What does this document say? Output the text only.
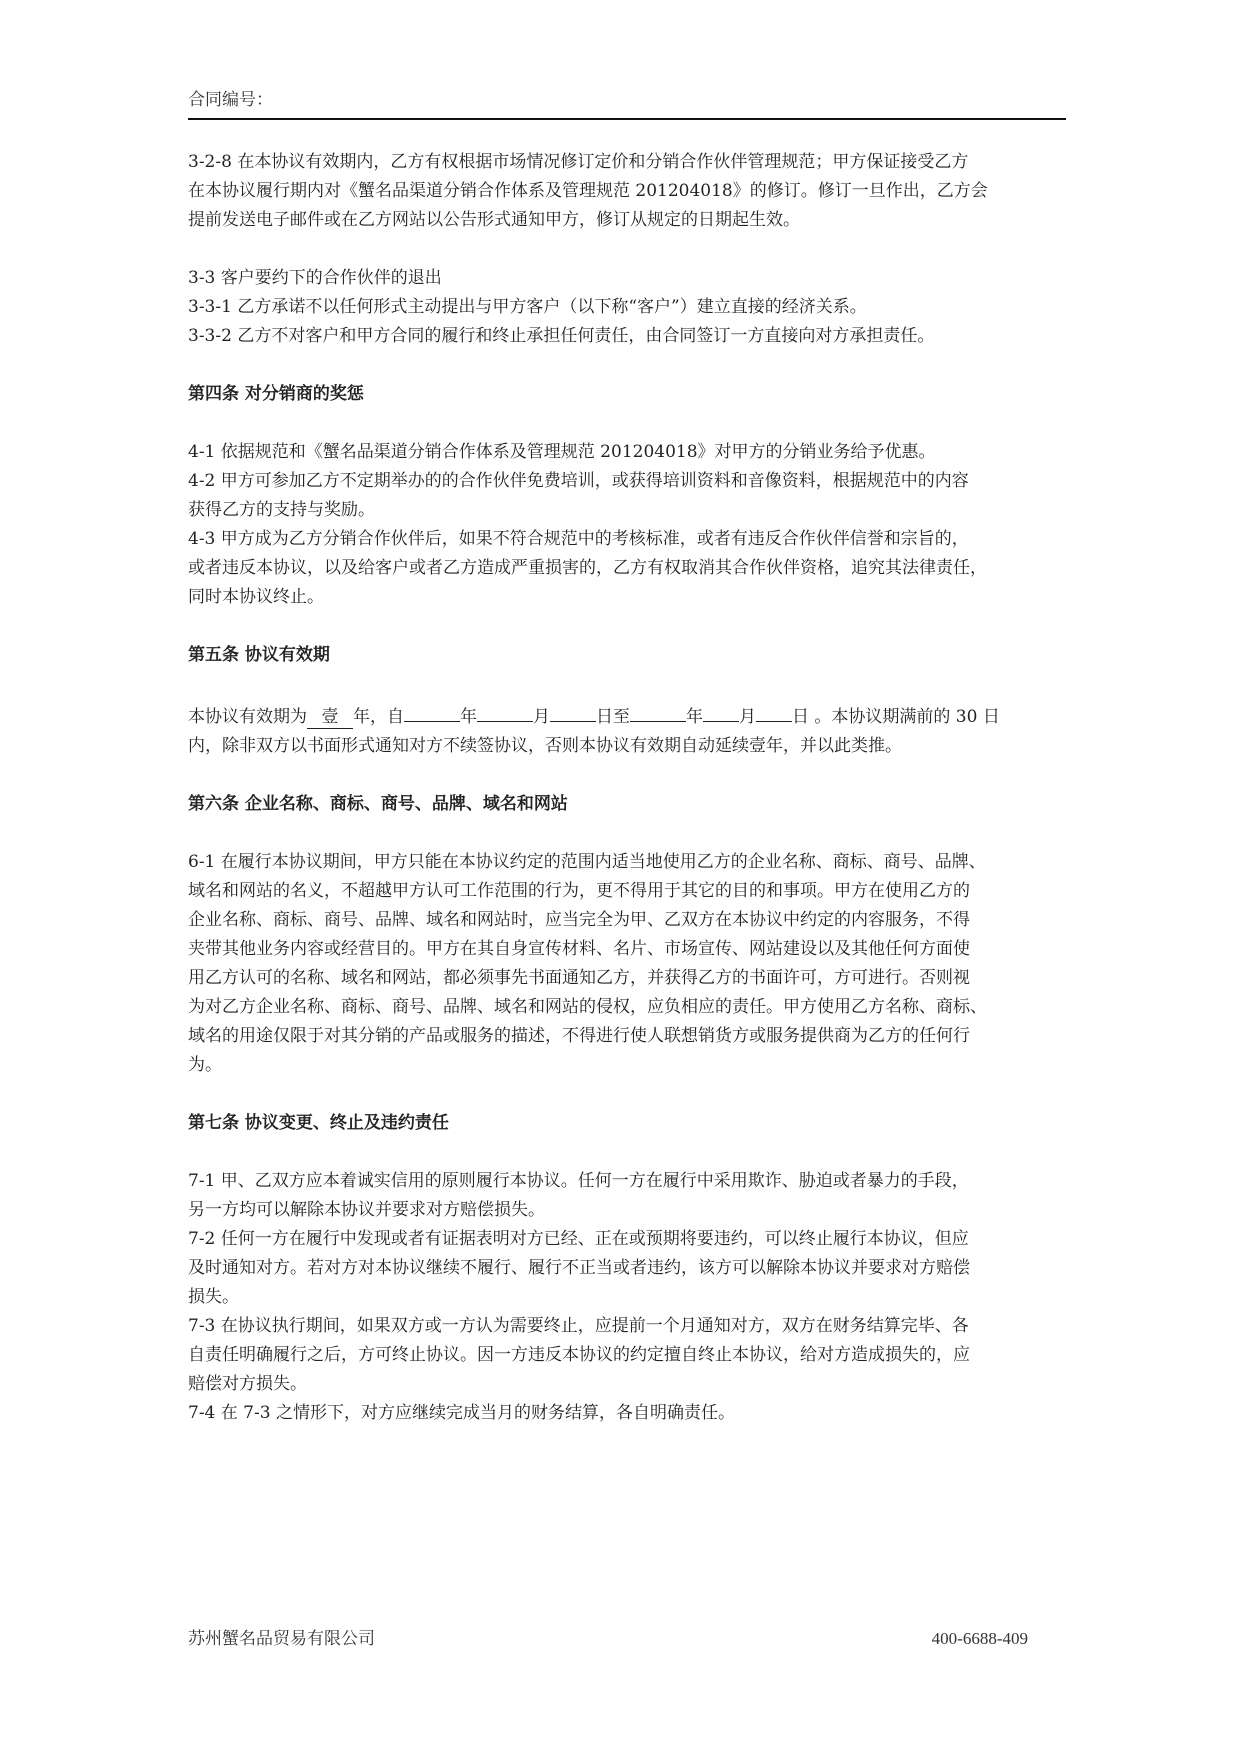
合同编号：

3-2-8 在本协议有效期内，乙方有权根据市场情况修订定价和分销合作伙伴管理规范；甲方保证接受乙方

在本协议履行期内对《蟹名品渠道分销合作体系及管理规范 201204018》的修订。修订一旦作出，乙方会

提前发送电子邮件或在乙方网站以公告形式通知甲方，修订从规定的日期起生效。

3-3 客户要约下的合作伙伴的退出

3-3-1 乙方承诺不以任何形式主动提出与甲方客户（以下称“客户”）建立直接的经济关系。

3-3-2 乙方不对客户和甲方合同的履行和终止承担任何责任，由合同签订一方直接向对方承担责任。

第四条 对分销商的奖惩

4-1 依据规范和《蟹名品渠道分销合作体系及管理规范 201204018》对甲方的分销业务给予优惠。

4-2 甲方可参加乙方不定期举办的的合作伙伴免费培训，或获得培训资料和音像资料，根据规范中的内容

获得乙方的支持与奖励。

4-3 甲方成为乙方分销合作伙伴后，如果不符合规范中的考核标准，或者有违反合作伙伴信誉和宗旨的，

或者违反本协议，以及给客户或者乙方造成严重损害的，乙方有权取消其合作伙伴资格，追究其法律责任，

同时本协议终止。

第五条 协议有效期

本协议有效期为 壹 年，自	年	月	日至	年 月 日 。本协议期满前的 30 日

内，除非双方以书面形式通知对方不续签协议，否则本协议有效期自动延续壹年，并以此类推。

第六条 企业名称、商标、商号、品牌、域名和网站

6-1 在履行本协议期间，甲方只能在本协议约定的范围内适当地使用乙方的企业名称、商标、商号、品牌、

域名和网站的名义，不超越甲方认可工作范围的行为，更不得用于其它的目的和事项。甲方在使用乙方的

企业名称、商标、商号、品牌、域名和网站时，应当完全为甲、乙双方在本协议中约定的内容服务，不得

夹带其他业务内容或经营目的。甲方在其自身宣传材料、名片、市场宣传、网站建设以及其他任何方面使

用乙方认可的名称、域名和网站，都必须事先书面通知乙方，并获得乙方的书面许可，方可进行。否则视

为对乙方企业名称、商标、商号、品牌、域名和网站的侵权，应负相应的责任。甲方使用乙方名称、商标、

域名的用途仅限于对其分销的产品或服务的描述，不得进行使人联想销货方或服务提供商为乙方的任何行

为。

第七条 协议变更、终止及违约责任

7-1 甲、乙双方应本着诚实信用的原则履行本协议。任何一方在履行中采用欺诈、胁迫或者暴力的手段，

另一方均可以解除本协议并要求对方赔偿损失。

7-2 任何一方在履行中发现或者有证据表明对方已经、正在或预期将要违约，可以终止履行本协议，但应

及时通知对方。若对方对本协议继续不履行、履行不正当或者违约，该方可以解除本协议并要求对方赔偿

损失。

7-3 在协议执行期间，如果双方或一方认为需要终止，应提前一个月通知对方，双方在财务结算完毕、各

自责任明确履行之后，方可终止协议。因一方违反本协议的约定擅自终止本协议，给对方造成损失的，应

赔偿对方损失。

7-4 在 7-3 之情形下，对方应继续完成当月的财务结算，各自明确责任。

苏州蟹名品贸易有限公司	400-6688-409
